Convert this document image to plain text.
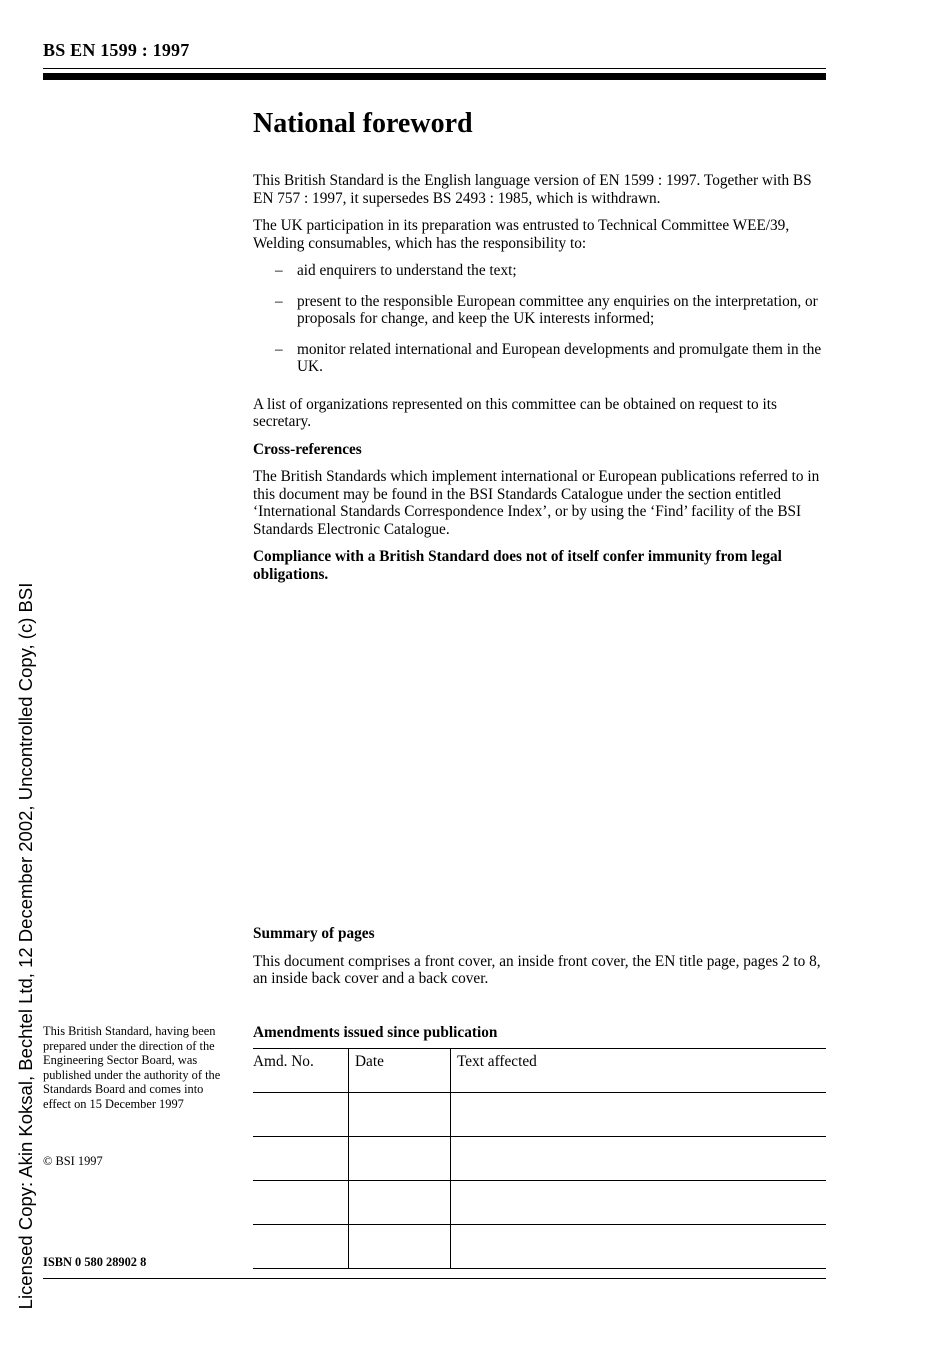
BS EN 1599 : 1997
National foreword

This British Standard is the English language version of EN 1599 : 1997. Together with BS EN 757 : 1997, it supersedes BS 2493 : 1985, which is withdrawn.

The UK participation in its preparation was entrusted to Technical Committee WEE/39, Welding consumables, which has the responsibility to:

– aid enquirers to understand the text;
– present to the responsible European committee any enquiries on the interpretation, or proposals for change, and keep the UK interests informed;
– monitor related international and European developments and promulgate them in the UK.

A list of organizations represented on this committee can be obtained on request to its secretary.

Cross-references

The British Standards which implement international or European publications referred to in this document may be found in the BSI Standards Catalogue under the section entitled ‘International Standards Correspondence Index’, or by using the ‘Find’ facility of the BSI Standards Electronic Catalogue.

Compliance with a British Standard does not of itself confer immunity from legal obligations.

Summary of pages

This document comprises a front cover, an inside front cover, the EN title page, pages 2 to 8, an inside back cover and a back cover.

Amendments issued since publication
Amd. No.	Date	Text affected

This British Standard, having been prepared under the direction of the Engineering Sector Board, was published under the authority of the Standards Board and comes into effect on 15 December 1997
© BSI 1997
ISBN 0 580 28902 8
Licensed Copy: Akin Koksal, Bechtel Ltd, 12 December 2002, Uncontrolled Copy, (c) BSI
